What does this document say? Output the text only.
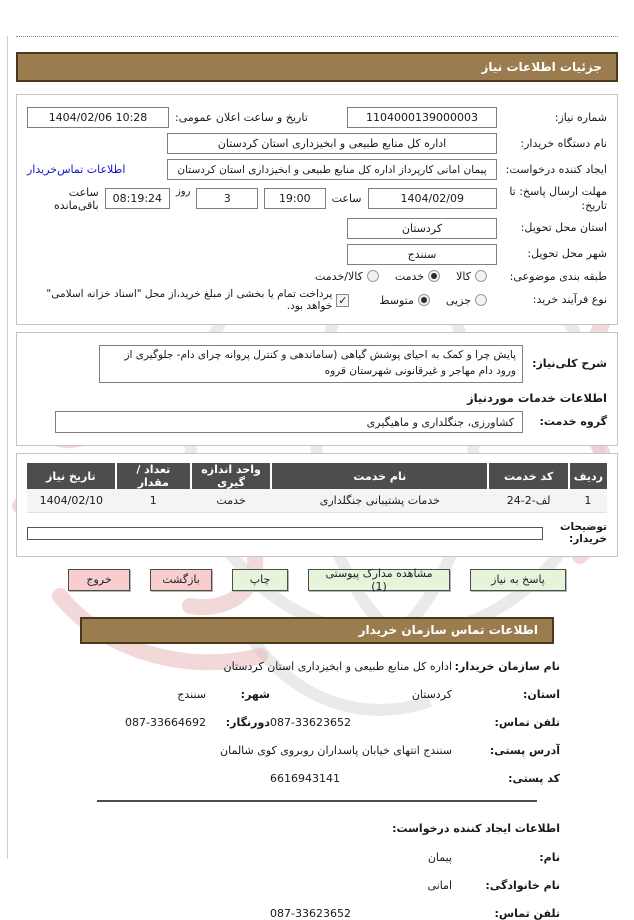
جزئیات اطلاعات نیاز
شماره نیاز:
1104000139000003
تاریخ و ساعت اعلان عمومی:
1404/02/06 10:28
نام دستگاه خریدار:
اداره کل منابع طبیعی و ابخیزداری استان کردستان
ایجاد کننده درخواست:
پیمان امانی کارپرداز اداره کل منابع طبیعی و ابخیزداری استان کردستان
اطلاعات تماس‌خریدار
مهلت ارسال پاسخ: تا تاریخ:
1404/02/09
ساعت
19:00
3
روز
08:19:24
ساعت باقی‌مانده
استان محل تحویل:
کردستان
شهر محل تحویل:
سنندج
طبقه بندی موضوعی:
کالا
خدمت
کالا/خدمت
نوع فرآیند خرید:
جزیی
متوسط
✓
پرداخت تمام یا بخشی از مبلغ خرید،از محل "اسناد خزانه اسلامی" خواهد بود.
شرح کلی‌نیاز:
پایش چرا و کمک به احیای پوشش گیاهی (ساماندهی و کنترل پروانه چرای دام- جلوگیری از ورود دام مهاجر و غیرقانونی شهرستان قروه
اطلاعات خدمات موردنیاز
گروه خدمت:
کشاورزی، جنگلداری و ماهیگیری
ردیف	کد خدمت	نام خدمت	واحد اندازه گیری	تعداد / مقدار	تاریخ نیاز
1	لف-2-24	خدمات پشتیبانی جنگلداری	خدمت	1	1404/02/10
توضیحات خریدار:
پاسخ به نیاز
مشاهده مدارک پیوستی (1)
چاپ
بازگشت
خروج
اطلاعات تماس سازمان خریدار
نام سازمان خریدار:
اداره کل منابع طبیعی و ابخیزداری استان کردستان
استان:
کردستان
شهر:
سنندج
تلفن تماس:
087-33623652
دورنگار:
087-33664692
آدرس پستی:
سنندج انتهای خیابان پاسداران روبروی کوی شالمان
کد پستی:
6616943141
اطلاعات ایجاد کننده درخواست:
نام:
پیمان
نام خانوادگی:
امانی
تلفن تماس:
087-33623652
